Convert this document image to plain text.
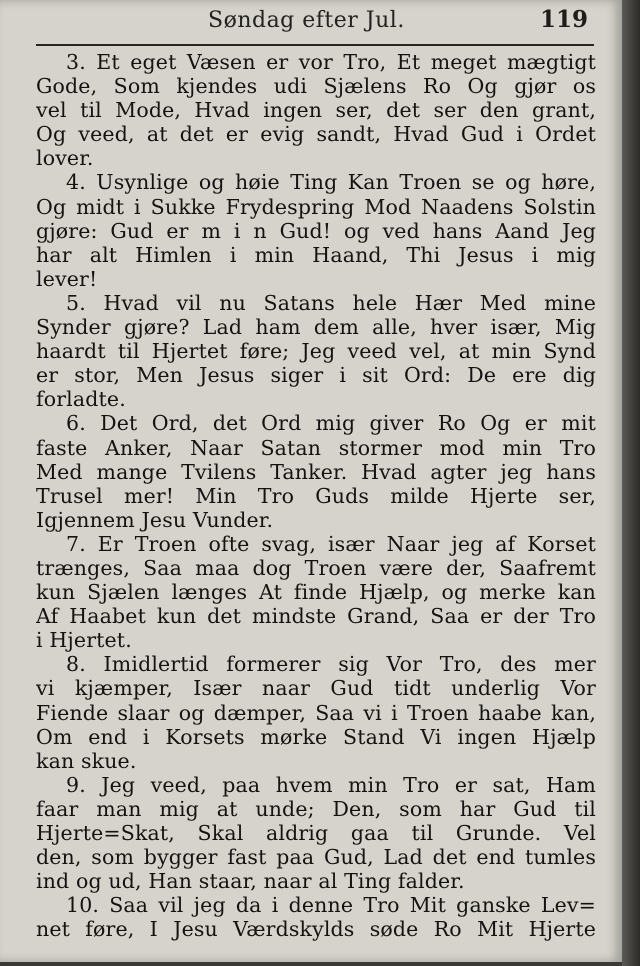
Søndag efter Jul.	119
3. Et eget Væsen er vor Tro, Et meget mægtigt
Gode, Som kjendes udi Sjælens Ro Og gjør os
vel til Mode, Hvad ingen ser, det ser den grant,
Og veed, at det er evig sandt, Hvad Gud i Ordet
lover.
4. Usynlige og høie Ting Kan Troen se og høre,
Og midt i Sukke Frydespring Mod Naadens Solstin
gjøre: Gud er m i n Gud! og ved hans Aand Jeg
har alt Himlen i min Haand, Thi Jesus i mig
lever!
5. Hvad vil nu Satans hele Hær Med mine
Synder gjøre? Lad ham dem alle, hver især, Mig
haardt til Hjertet føre; Jeg veed vel, at min Synd
er stor, Men Jesus siger i sit Ord: De ere dig
forladte.
6. Det Ord, det Ord mig giver Ro Og er mit
faste Anker, Naar Satan stormer mod min Tro
Med mange Tvilens Tanker. Hvad agter jeg hans
Trusel mer! Min Tro Guds milde Hjerte ser,
Igjennem Jesu Vunder.
7. Er Troen ofte svag, især Naar jeg af Korset
trænges, Saa maa dog Troen være der, Saafremt
kun Sjælen længes At finde Hjælp, og merke kan
Af Haabet kun det mindste Grand, Saa er der Tro
i Hjertet.
8. Imidlertid formerer sig Vor Tro, des mer
vi kjæmper, Især naar Gud tidt underlig Vor
Fiende slaar og dæmper, Saa vi i Troen haabe kan,
Om end i Korsets mørke Stand Vi ingen Hjælp
kan skue.
9. Jeg veed, paa hvem min Tro er sat, Ham
faar man mig at unde; Den, som har Gud til
Hjerte=Skat, Skal aldrig gaa til Grunde. Vel
den, som bygger fast paa Gud, Lad det end tumles
ind og ud, Han staar, naar al Ting falder.
10. Saa vil jeg da i denne Tro Mit ganske Lev=
net føre, I Jesu Værdskylds søde Ro Mit Hjerte
